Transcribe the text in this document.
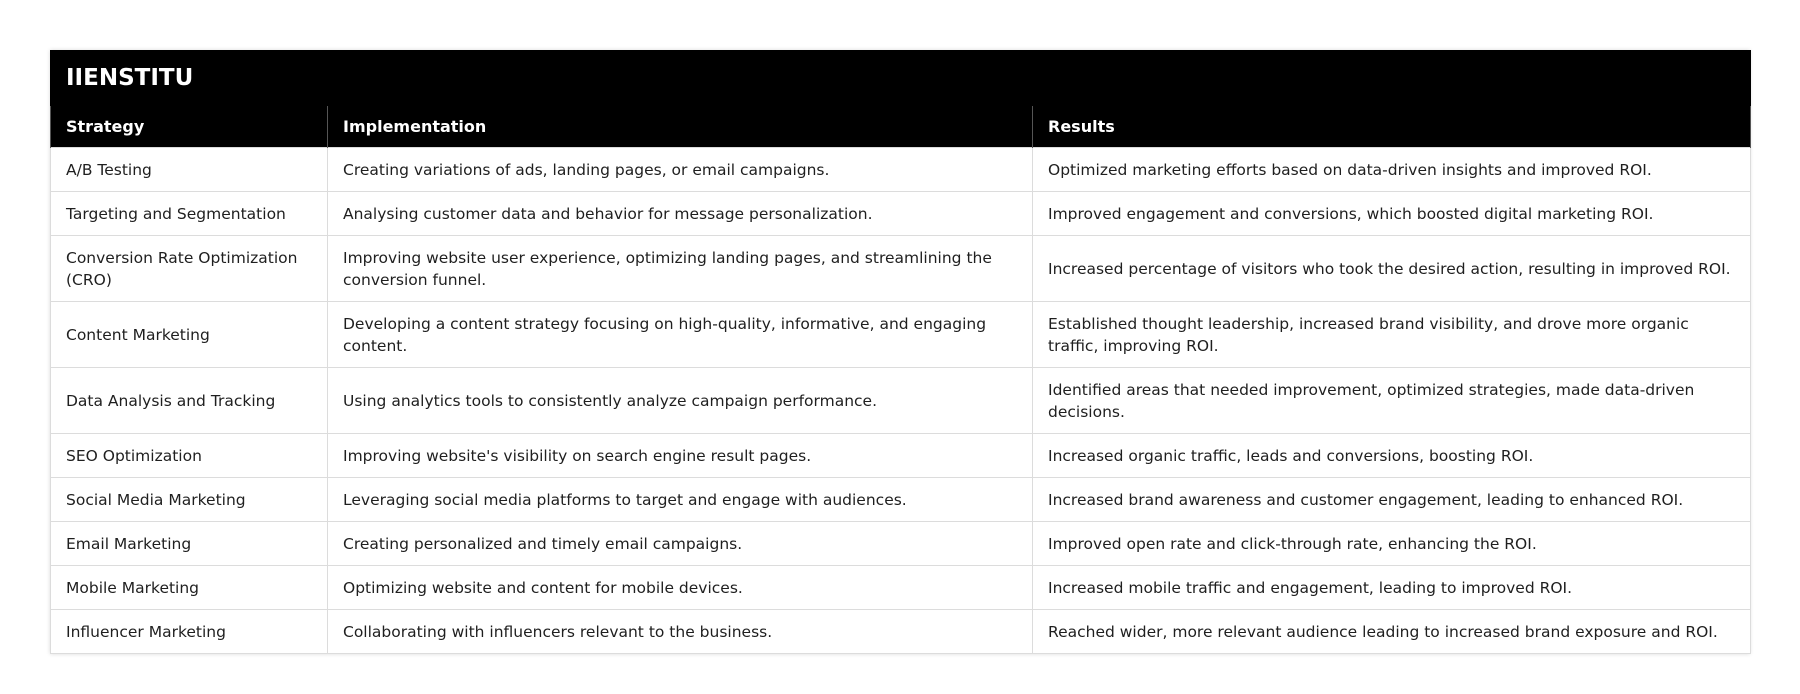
IIENSTITU		
Strategy	Implementation	Results
A/B Testing	Creating variations of ads, landing pages, or email campaigns.	Optimized marketing efforts based on data-driven insights and improved ROI.
Targeting and Segmentation	Analysing customer data and behavior for message personalization.	Improved engagement and conversions, which boosted digital marketing ROI.
Conversion Rate Optimization (CRO)	Improving website user experience, optimizing landing pages, and streamlining the conversion funnel.	Increased percentage of visitors who took the desired action, resulting in improved ROI.
Content Marketing	Developing a content strategy focusing on high-quality, informative, and engaging content.	Established thought leadership, increased brand visibility, and drove more organic traffic, improving ROI.
Data Analysis and Tracking	Using analytics tools to consistently analyze campaign performance.	Identified areas that needed improvement, optimized strategies, made data-driven decisions.
SEO Optimization	Improving website's visibility on search engine result pages.	Increased organic traffic, leads and conversions, boosting ROI.
Social Media Marketing	Leveraging social media platforms to target and engage with audiences.	Increased brand awareness and customer engagement, leading to enhanced ROI.
Email Marketing	Creating personalized and timely email campaigns.	Improved open rate and click-through rate, enhancing the ROI.
Mobile Marketing	Optimizing website and content for mobile devices.	Increased mobile traffic and engagement, leading to improved ROI.
Influencer Marketing	Collaborating with influencers relevant to the business.	Reached wider, more relevant audience leading to increased brand exposure and ROI.
